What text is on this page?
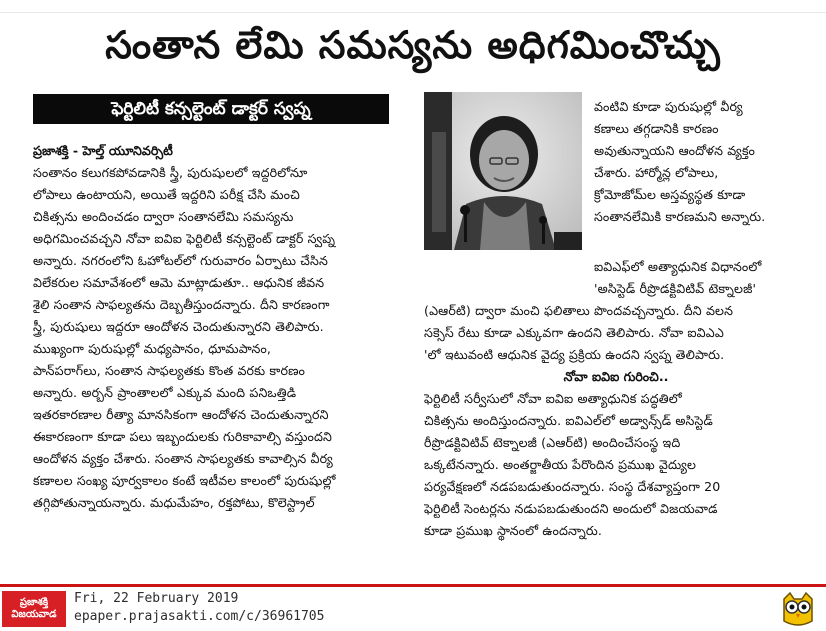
సంతాన లేమి సమస్యను అధిగమించొచ్చు
ఫెర్టిలిటీ కన్సల్టెంట్ డాక్టర్ స్వప్న
ప్రజాశక్తి - హెల్త్ యూనివర్సిటీ
సంతానం కలుగకపోవడానికి స్త్రీ, పురుషులలో ఇద్దరిలోనూ
లోపాలు ఉంటాయని, అయితే ఇద్దరిని పరీక్ష చేసి మంచి
చికిత్సను అందించడం ద్వారా సంతానలేమి సమస్యను
అధిగమించవచ్చని నోవా ఐవిఐ ఫెర్టిలిటీ కన్సల్టెంట్ డాక్టర్ స్వప్న
అన్నారు. నగరంలోని ఓహోటల్‌లో గురువారం ఏర్పాటు చేసిన
విలేకరుల సమావేశంలో ఆమె మాట్లాడుతూ.. ఆధునిక జీవన
శైలి సంతాన సాఫల్యతను దెబ్బతీస్తుందన్నారు. దీని కారణంగా
స్త్రీ, పురుషులు ఇద్దరూ ఆందోళన చెందుతున్నారని తెలిపారు.
ముఖ్యంగా పురుషుల్లో మధ్యపానం, ధూమపానం,
పాన్‌పరాగ్‌లు, సంతాన సాఫల్యతకు కొంత వరకు కారణం
అన్నారు. అర్బన్ ప్రాంతాలలో ఎక్కువ మంది పనిఒత్తిడి
ఇతరకారణాల రీత్యా మానసికంగా ఆందోళన చెందుతున్నారని
ఈకారణంగా కూడా పలు ఇబ్బందులకు గురికావాల్సి వస్తుందని
ఆందోళన వ్యక్తం చేశారు. సంతాన సాఫల్యతకు కావాల్సిన వీర్య
కణాలల సంఖ్య పూర్వకాలం కంటే ఇటీవల కాలంలో పురుషుల్లో
తగ్గిపోతున్నాయన్నారు. మధుమేహం, రక్తపోటు, కొలెస్ట్రాల్
వంటివి కూడా పురుషుల్లో వీర్య
కణాలు తగ్గడానికి కారణం
అవుతున్నాయని ఆందోళన వ్యక్తం
చేశారు. హార్మోన్ల లోపాలు,
క్రోమోజోమ్‌ల అస్తవ్యస్థత కూడా
సంతానలేమికి కారణమని అన్నారు.
ఐవిఎఫ్‌లో అత్యాధునిక విధానంలో
'అసిస్టెడ్ రీప్రొడక్టివిటివ్ టెక్నాలజీ'
(ఎఆర్‌టి) ద్వారా మంచి ఫలితాలు పొందవచ్చన్నారు. దీని వలన
సక్సెస్ రేటు కూడా ఎక్కువగా ఉందని తెలిపారు. నోవా ఐవిఎఎ
'లో ఇటువంటి ఆధునిక వైద్య ప్రక్రియ ఉందని స్వప్న తెలిపారు.
నోవా ఐవిఐ గురించి..
ఫెర్టిలిటీ సర్వీసులో నోవా ఐవిఐ అత్యాధునిక పద్ధతిలో
చికిత్సను అందిస్తుందన్నారు. ఐవిఎల్‌లో అడ్వాన్స్‌డ్ అసిస్టెడ్
రీప్రొడక్టివిటివ్ టెక్నాలజీ (ఎఆర్‌టి) అందించేసంస్థ ఇది
ఒక్కటేనన్నారు. అంతర్జాతీయ పేరొందిన ప్రముఖ వైద్యుల
పర్యవేక్షణలో నడపబడుతుందన్నారు. సంస్థ దేశవ్యాప్తంగా 20
ఫెర్టిలిటీ సెంటర్లను నడుపబడుతుందని అందులో విజయవాడ
కూడా ప్రముఖ స్థానంలో ఉందన్నారు.
ప్రజాశక్తి
విజయవాడ
Fri, 22 February 2019
epaper.prajasakti.com/c/36961705
